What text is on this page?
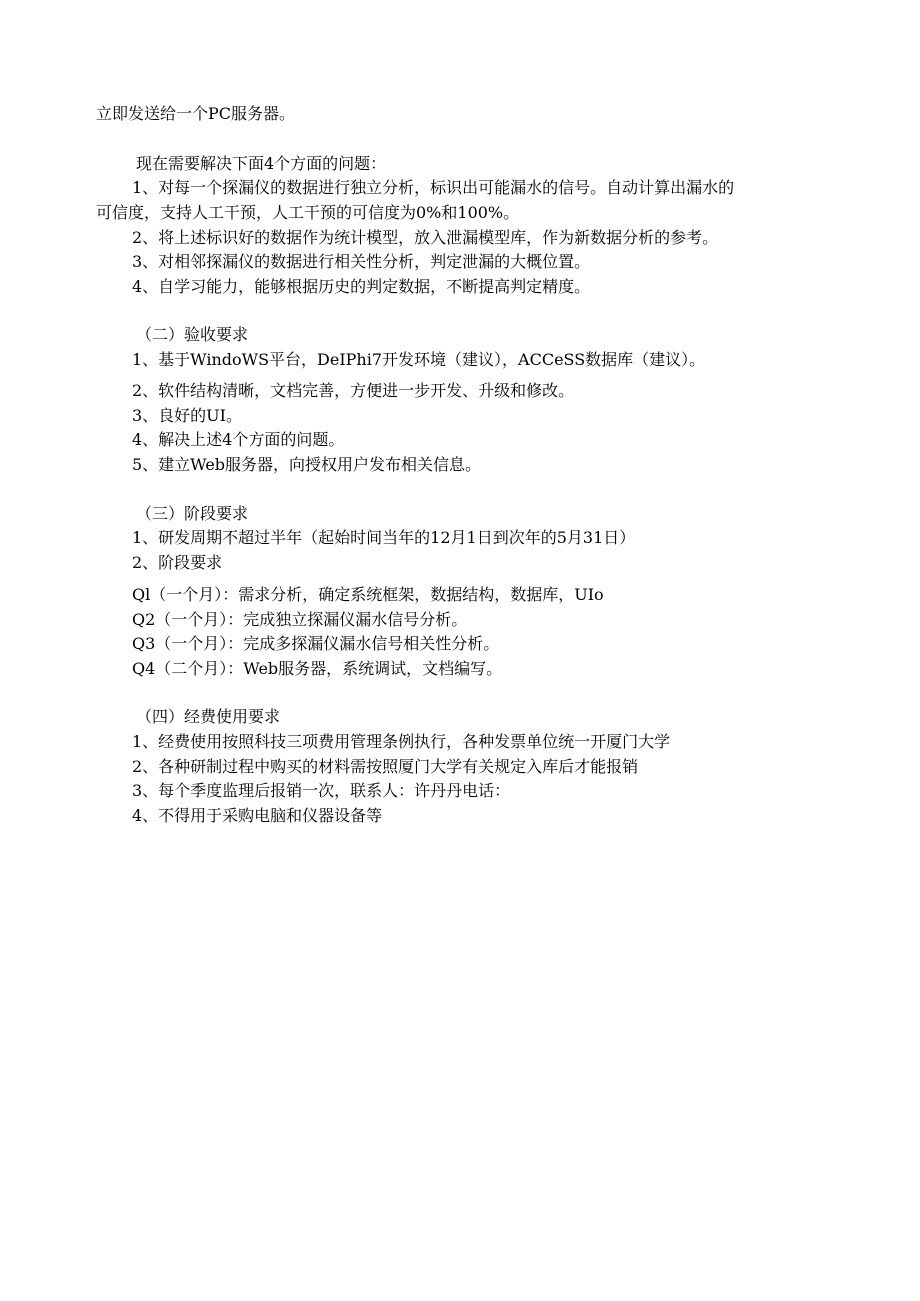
立即发送给一个PC服务器。
现在需要解决下面4个方面的问题：
1、对每一个探漏仪的数据进行独立分析，标识出可能漏水的信号。自动计算出漏水的
可信度，支持人工干预，人工干预的可信度为0%和100%。
2、将上述标识好的数据作为统计模型，放入泄漏模型库，作为新数据分析的参考。
3、对相邻探漏仪的数据进行相关性分析，判定泄漏的大概位置。
4、自学习能力，能够根据历史的判定数据，不断提高判定精度。
（二）验收要求
1、基于WindoWS平台，DeIPhi7开发环境（建议），ACCeSS数据库（建议）。
2、软件结构清晰，文档完善，方便进一步开发、升级和修改。
3、良好的UI。
4、解决上述4个方面的问题。
5、建立Web服务器，向授权用户发布相关信息。
（三）阶段要求
1、研发周期不超过半年（起始时间当年的12月1日到次年的5月31日）
2、阶段要求
Ql（一个月）：需求分析，确定系统框架，数据结构，数据库，UIo
Q2（一个月）：完成独立探漏仪漏水信号分析。
Q3（一个月）：完成多探漏仪漏水信号相关性分析。
Q4（二个月）：Web服务器，系统调试，文档编写。
（四）经费使用要求
1、经费使用按照科技三项费用管理条例执行，各种发票单位统一开厦门大学
2、各种研制过程中购买的材料需按照厦门大学有关规定入库后才能报销
3、每个季度监理后报销一次，联系人：许丹丹电话：
4、不得用于采购电脑和仪器设备等
